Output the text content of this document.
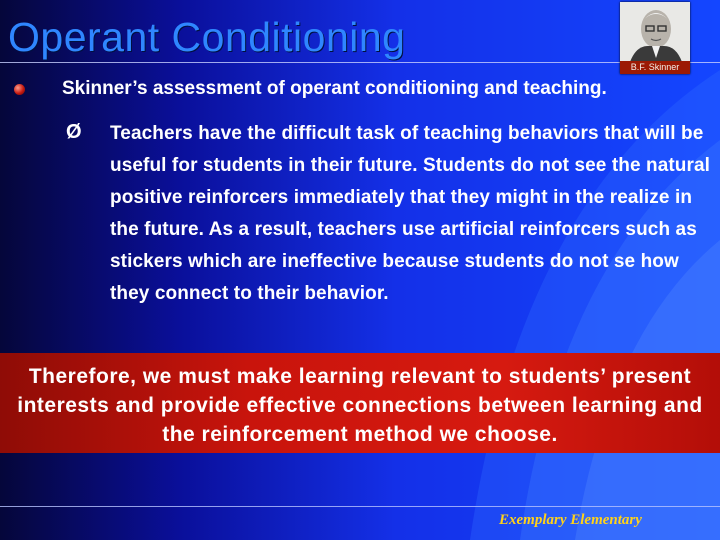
Operant Conditioning
B.F. Skinner
Skinner’s assessment of operant conditioning and teaching.
Ø Teachers have the difficult task of teaching behaviors that will be useful for students in their future. Students do not see the natural positive reinforcers immediately that they might in the realize in the future. As a result, teachers use artificial reinforcers such as stickers which are ineffective because students do not se how they connect to their behavior.
Therefore, we must make learning relevant to students’ present interests and provide effective connections between learning and the reinforcement method we choose.
Exemplary Elementary
